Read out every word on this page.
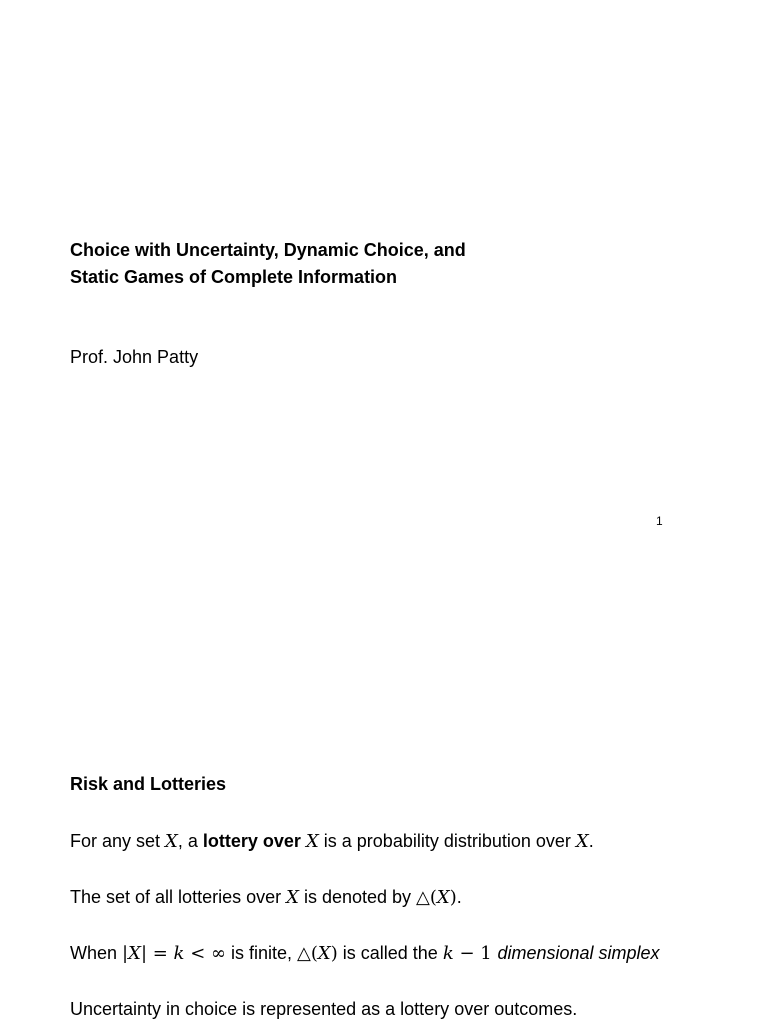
Choice with Uncertainty, Dynamic Choice, and
Static Games of Complete Information
Prof. John Patty
1
Risk and Lotteries
For any set X, a lottery over X is a probability distribution over X.
The set of all lotteries over X is denoted by △(X).
When |X| = k < ∞ is finite, △(X) is called the k − 1 dimensional simplex
Uncertainty in choice is represented as a lottery over outcomes.
